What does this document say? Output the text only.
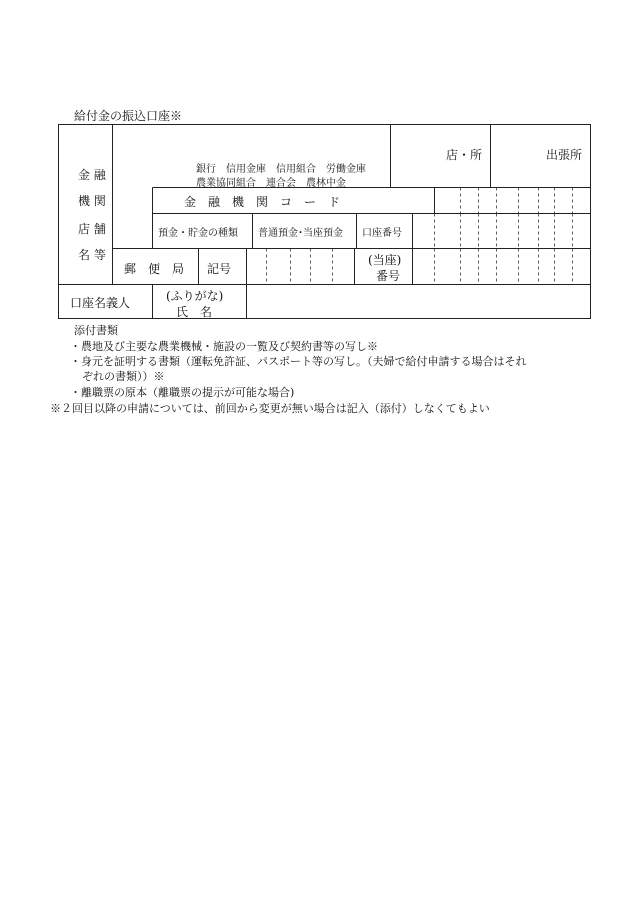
給付金の振込口座※
金 融
機 関
店 舗
名 等
銀行　信用金庫　信用組合　労働金庫
農業協同組合　連合会　農林中金
店・所	出張所
金　融　機　関　コ　ー　ド
預金・貯金の種類 普通預金･当座預金 口座番号
郵　便　局 記号
(当座)
番号
口座名義人	(ふりがな)
氏　名
添付書類
・農地及び主要な農業機械・施設の一覧及び契約書等の写し※
・身元を証明する書類（運転免許証、パスポート等の写し。（夫婦で給付申請する場合はそれ
ぞれの書類））※
・離職票の原本（離職票の提示が可能な場合)
※２回目以降の申請については、前回から変更が無い場合は記入（添付）しなくてもよい
